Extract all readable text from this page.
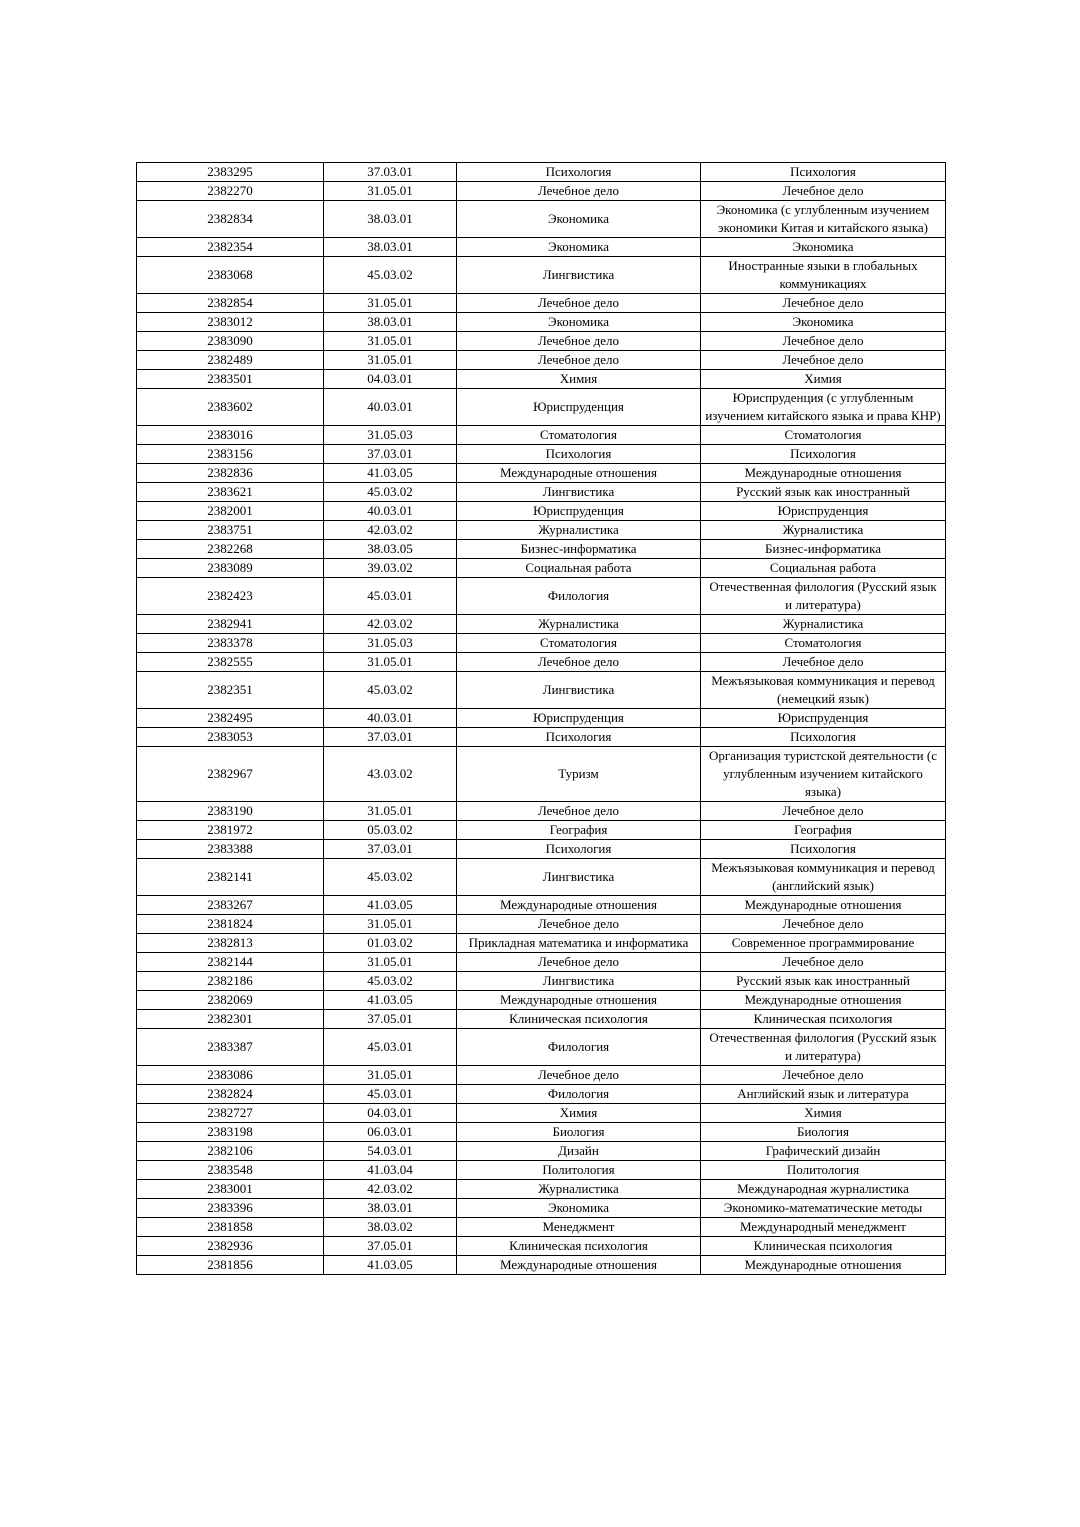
2383295	37.03.01	Психология	Психология
2382270	31.05.01	Лечебное дело	Лечебное дело
2382834	38.03.01	Экономика	Экономика (с углубленным изучением экономики Китая и китайского языка)
2382354	38.03.01	Экономика	Экономика
2383068	45.03.02	Лингвистика	Иностранные языки в глобальных коммуникациях
2382854	31.05.01	Лечебное дело	Лечебное дело
2383012	38.03.01	Экономика	Экономика
2383090	31.05.01	Лечебное дело	Лечебное дело
2382489	31.05.01	Лечебное дело	Лечебное дело
2383501	04.03.01	Химия	Химия
2383602	40.03.01	Юриспруденция	Юриспруденция (с углубленным изучением китайского языка и права КНР)
2383016	31.05.03	Стоматология	Стоматология
2383156	37.03.01	Психология	Психология
2382836	41.03.05	Международные отношения	Международные отношения
2383621	45.03.02	Лингвистика	Русский язык как иностранный
2382001	40.03.01	Юриспруденция	Юриспруденция
2383751	42.03.02	Журналистика	Журналистика
2382268	38.03.05	Бизнес-информатика	Бизнес-информатика
2383089	39.03.02	Социальная работа	Социальная работа
2382423	45.03.01	Филология	Отечественная филология (Русский язык и литература)
2382941	42.03.02	Журналистика	Журналистика
2383378	31.05.03	Стоматология	Стоматология
2382555	31.05.01	Лечебное дело	Лечебное дело
2382351	45.03.02	Лингвистика	Межъязыковая коммуникация и перевод (немецкий язык)
2382495	40.03.01	Юриспруденция	Юриспруденция
2383053	37.03.01	Психология	Психология
2382967	43.03.02	Туризм	Организация туристской деятельности (с углубленным изучением китайского языка)
2383190	31.05.01	Лечебное дело	Лечебное дело
2381972	05.03.02	География	География
2383388	37.03.01	Психология	Психология
2382141	45.03.02	Лингвистика	Межъязыковая коммуникация и перевод (английский язык)
2383267	41.03.05	Международные отношения	Международные отношения
2381824	31.05.01	Лечебное дело	Лечебное дело
2382813	01.03.02	Прикладная математика и информатика	Современное программирование
2382144	31.05.01	Лечебное дело	Лечебное дело
2382186	45.03.02	Лингвистика	Русский язык как иностранный
2382069	41.03.05	Международные отношения	Международные отношения
2382301	37.05.01	Клиническая психология	Клиническая психология
2383387	45.03.01	Филология	Отечественная филология (Русский язык и литература)
2383086	31.05.01	Лечебное дело	Лечебное дело
2382824	45.03.01	Филология	Английский язык и литература
2382727	04.03.01	Химия	Химия
2383198	06.03.01	Биология	Биология
2382106	54.03.01	Дизайн	Графический дизайн
2383548	41.03.04	Политология	Политология
2383001	42.03.02	Журналистика	Международная журналистика
2383396	38.03.01	Экономика	Экономико-математические методы
2381858	38.03.02	Менеджмент	Международный менеджмент
2382936	37.05.01	Клиническая психология	Клиническая психология
2381856	41.03.05	Международные отношения	Международные отношения
